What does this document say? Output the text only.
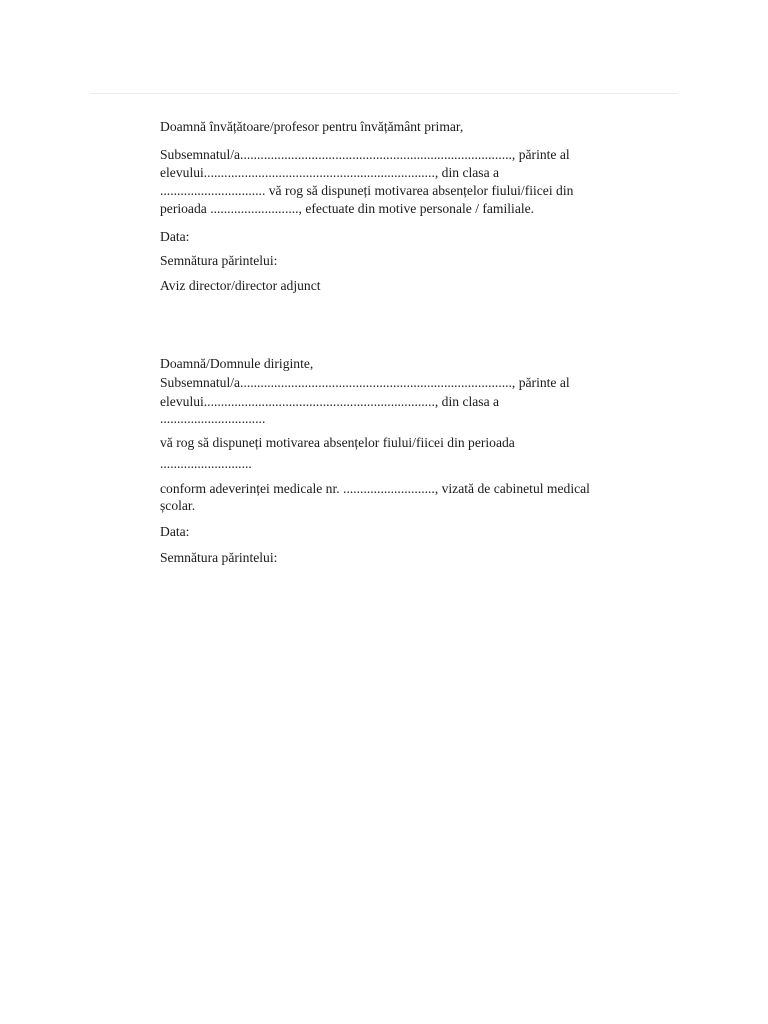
Doamnă învățătoare/profesor pentru învățământ primar,
Subsemnatul/a................................................................................, părinte al
elevului...................................................................., din clasa a
............................... vă rog să dispuneți motivarea absențelor fiului/fiicei din
perioada .........................., efectuate din motive personale / familiale.
Data:
Semnătura părintelui:
Aviz director/director adjunct
Doamnă/Domnule diriginte,
Subsemnatul/a................................................................................, părinte al
elevului...................................................................., din clasa a
...............................
vă rog să dispuneți motivarea absențelor fiului/fiicei din perioada
...........................
conform adeverinței medicale nr. ..........................., vizată de cabinetul medical
școlar.
Data:
Semnătura părintelui:
